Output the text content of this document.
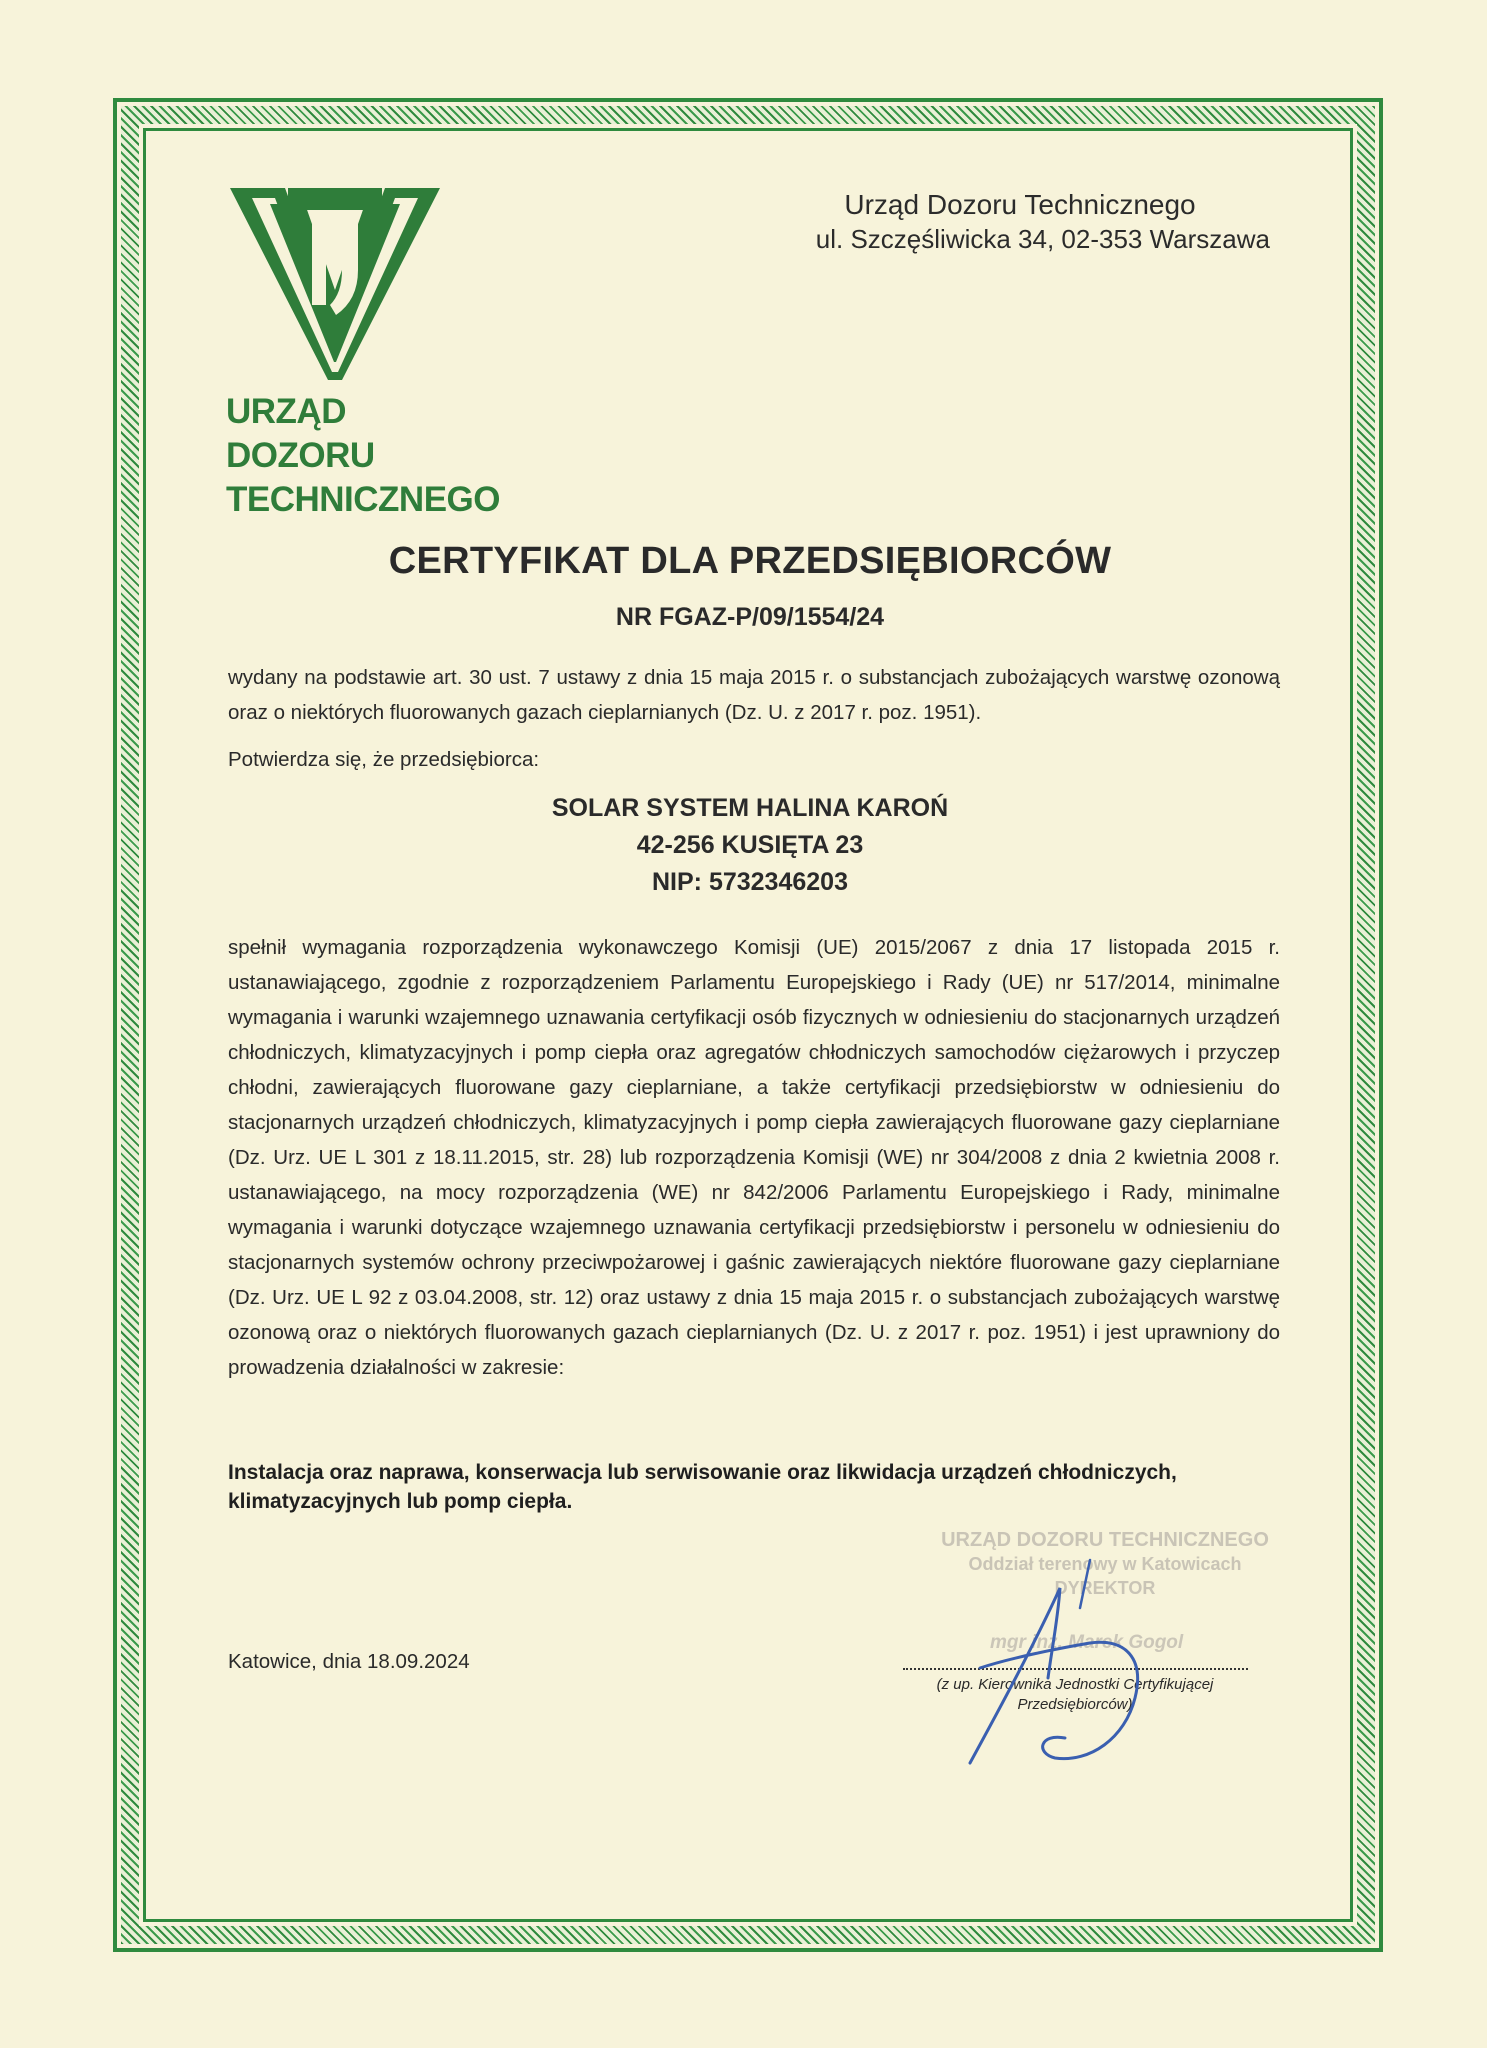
URZĄD DOZORU
TECHNICZNEGO
Urząd Dozoru Technicznego
ul. Szczęśliwicka 34, 02-353 Warszawa
CERTYFIKAT DLA PRZEDSIĘBIORCÓW
NR FGAZ-P/09/1554/24
wydany na podstawie art. 30 ust. 7 ustawy z dnia 15 maja 2015 r. o substancjach zubożających warstwę ozonową oraz o niektórych fluorowanych gazach cieplarnianych (Dz. U. z 2017 r. poz. 1951).
Potwierdza się, że przedsiębiorca:
SOLAR SYSTEM HALINA KAROŃ
42-256 KUSIĘTA 23
NIP: 5732346203
spełnił wymagania rozporządzenia wykonawczego Komisji (UE) 2015/2067 z dnia 17 listopada 2015 r. ustanawiającego, zgodnie z rozporządzeniem Parlamentu Europejskiego i Rady (UE) nr 517/2014, minimalne wymagania i warunki wzajemnego uznawania certyfikacji osób fizycznych w odniesieniu do stacjonarnych urządzeń chłodniczych, klimatyzacyjnych i pomp ciepła oraz agregatów chłodniczych samochodów ciężarowych i przyczep chłodni, zawierających fluorowane gazy cieplarniane, a także certyfikacji przedsiębiorstw w odniesieniu do stacjonarnych urządzeń chłodniczych, klimatyzacyjnych i pomp ciepła zawierających fluorowane gazy cieplarniane (Dz. Urz. UE L 301 z 18.11.2015, str. 28) lub rozporządzenia Komisji (WE) nr 304/2008 z dnia 2 kwietnia 2008 r. ustanawiającego, na mocy rozporządzenia (WE) nr 842/2006 Parlamentu Europejskiego i Rady, minimalne wymagania i warunki dotyczące wzajemnego uznawania certyfikacji przedsiębiorstw i personelu w odniesieniu do stacjonarnych systemów ochrony przeciwpożarowej i gaśnic zawierających niektóre fluorowane gazy cieplarniane (Dz. Urz. UE L 92 z 03.04.2008, str. 12) oraz ustawy z dnia 15 maja 2015 r. o substancjach zubożających warstwę ozonową oraz o niektórych fluorowanych gazach cieplarnianych (Dz. U. z 2017 r. poz. 1951) i jest uprawniony do prowadzenia działalności w zakresie:
Instalacja oraz naprawa, konserwacja lub serwisowanie oraz likwidacja urządzeń chłodniczych, klimatyzacyjnych lub pomp ciepła.
Katowice, dnia 18.09.2024
URZĄD DOZORU TECHNICZNEGO
Oddział terenowy w Katowicach
DYREKTOR
mgr inż. Marek Gogol
(z up. Kierownika Jednostki Certyfikującej
Przedsiębiorców)
